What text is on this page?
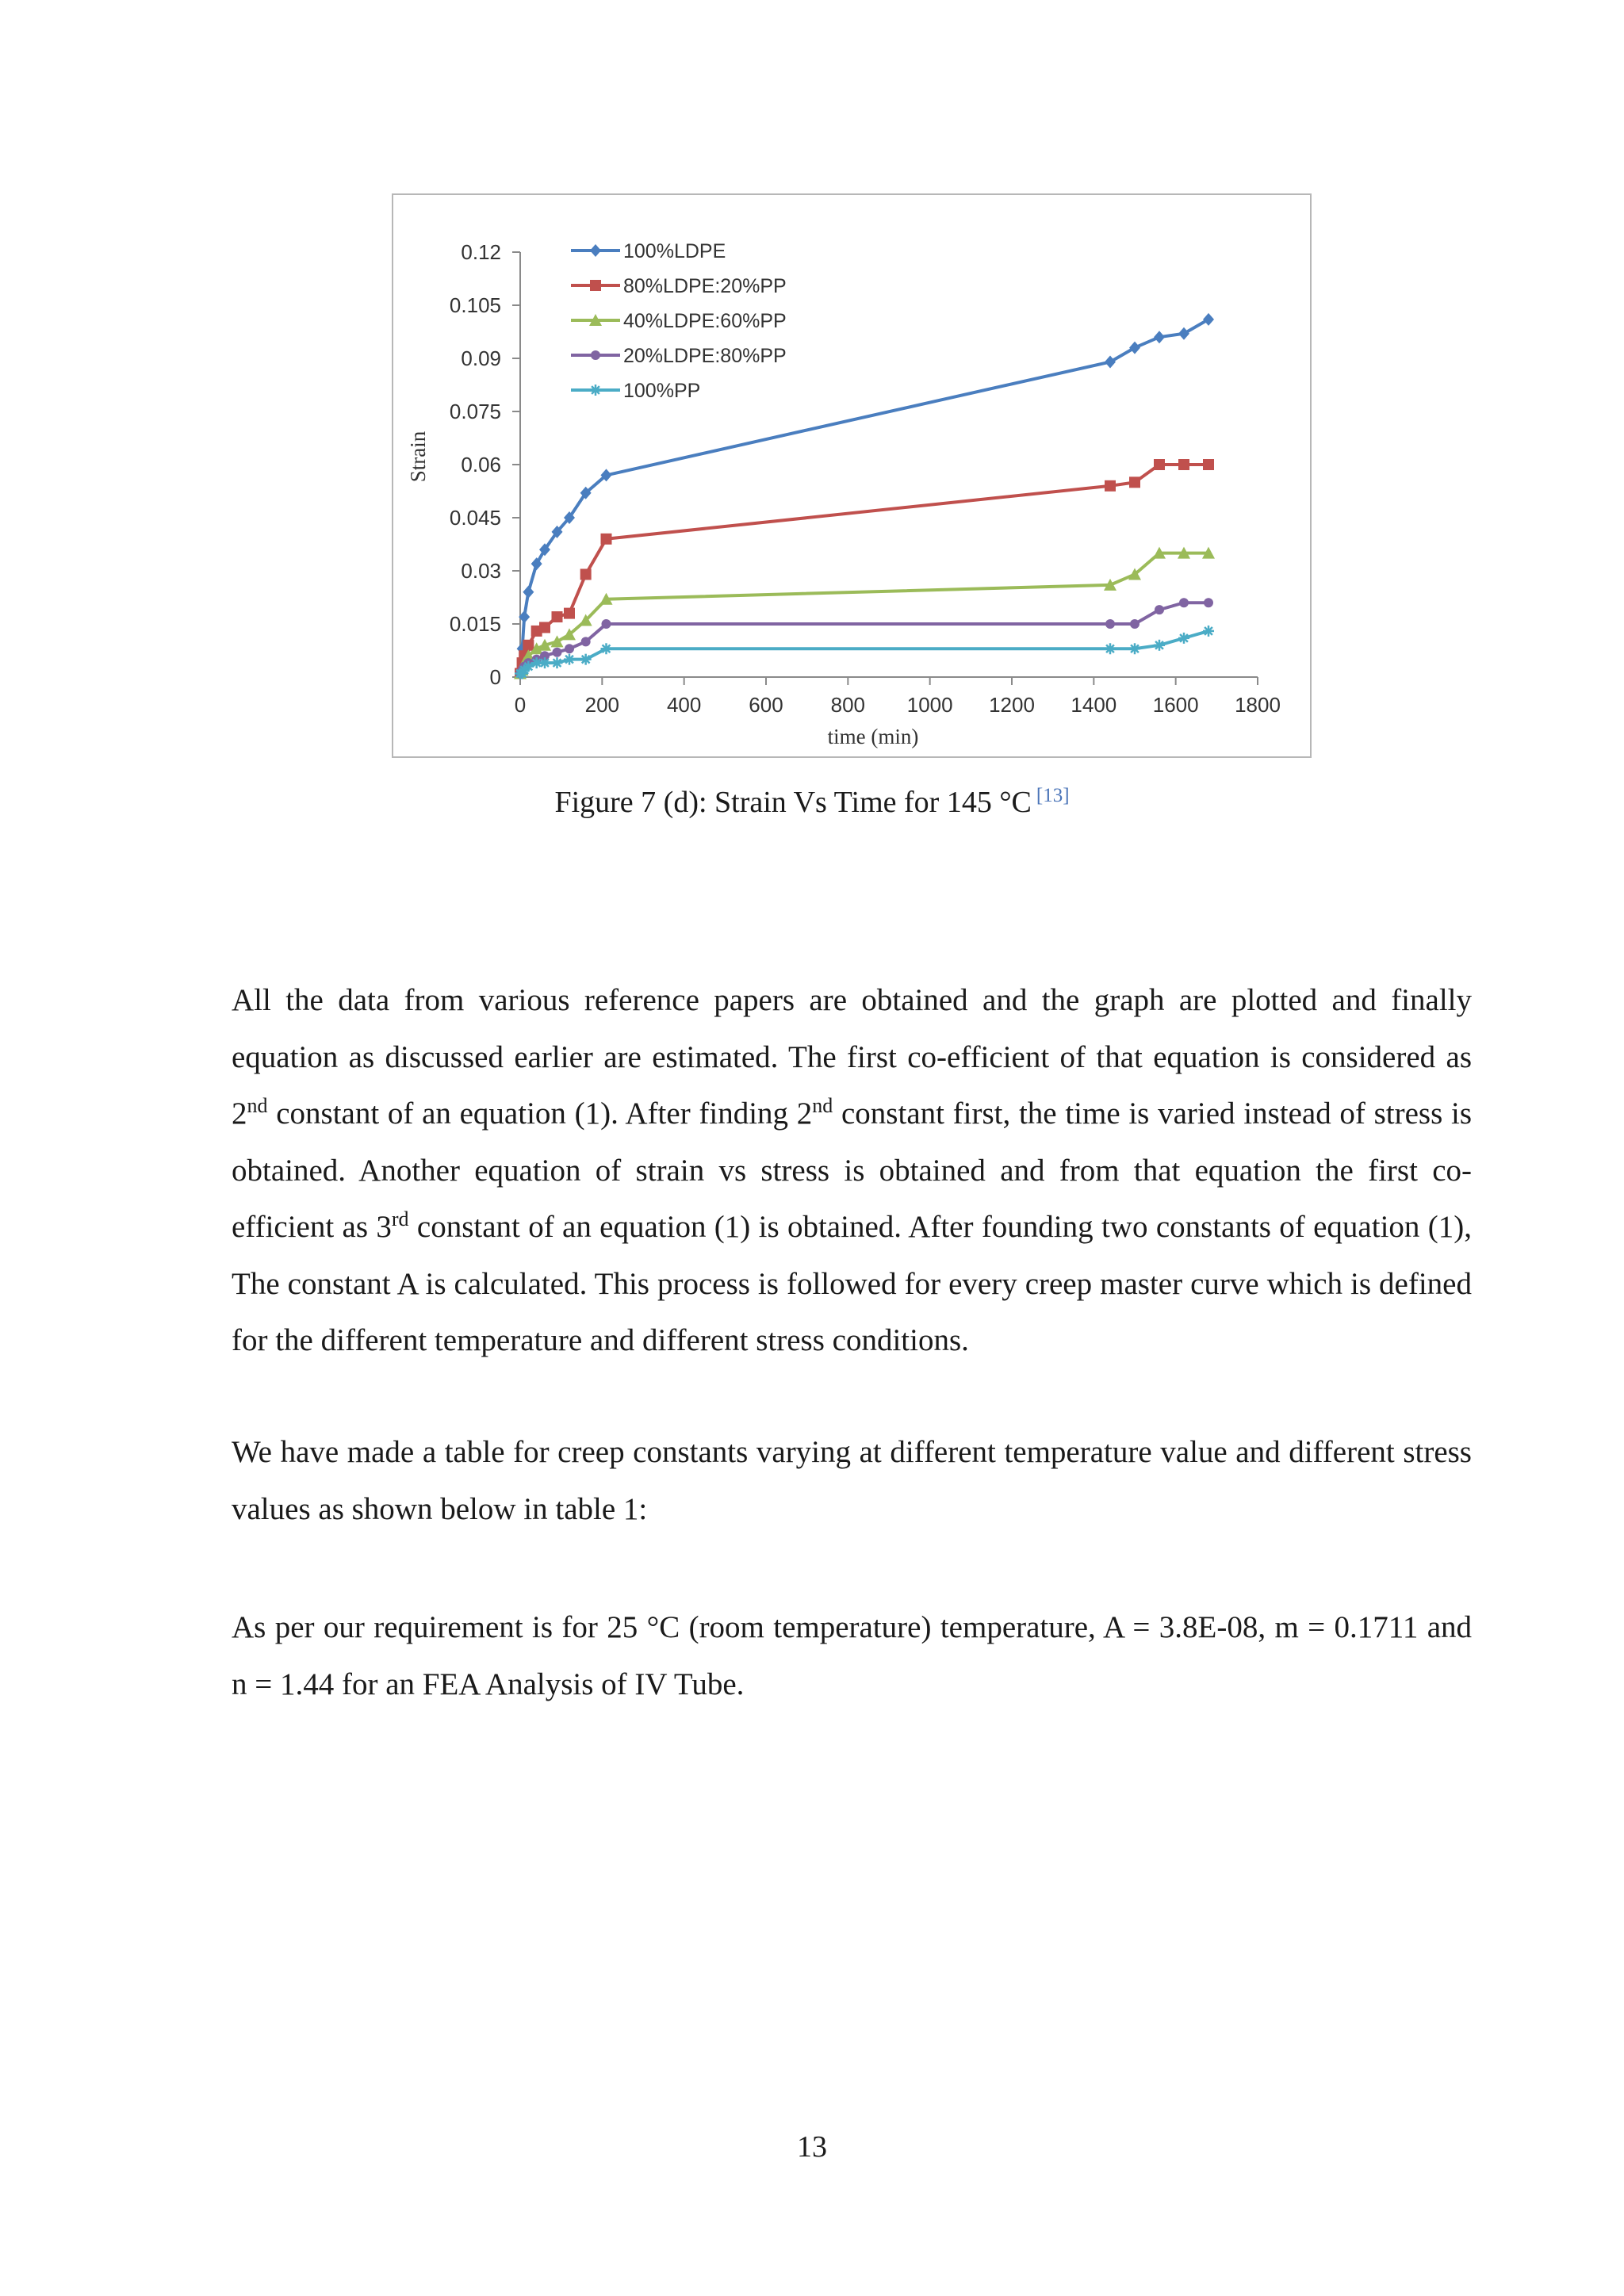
0
0.015
0.03
0.045
0.06
0.075
0.09
0.105
0.12
0	200 400 600 800 1000 1200 1400 1600 1800
time (min)
Strain
100%LDPE
80%LDPE:20%PP
40%LDPE:60%PP
20%LDPE:80%PP
100%PP
Figure 7 (d): Strain Vs Time for 145 °C [13]

All the data from various reference papers are obtained and the graph are plotted and finally equation as discussed earlier are estimated. The first co-efficient of that equation is considered as 2nd constant of an equation (1). After finding 2nd constant first, the time is varied instead of stress is obtained. Another equation of strain vs stress is obtained and from that equation the first co-efficient as 3rd constant of an equation (1) is obtained. After founding two constants of equation (1), The constant A is calculated. This process is followed for every creep master curve which is defined for the different temperature and different stress conditions.

We have made a table for creep constants varying at different temperature value and different stress values as shown below in table 1:

As per our requirement is for 25 °C (room temperature) temperature, A = 3.8E-08, m = 0.1711 and n = 1.44 for an FEA Analysis of IV Tube.

13
